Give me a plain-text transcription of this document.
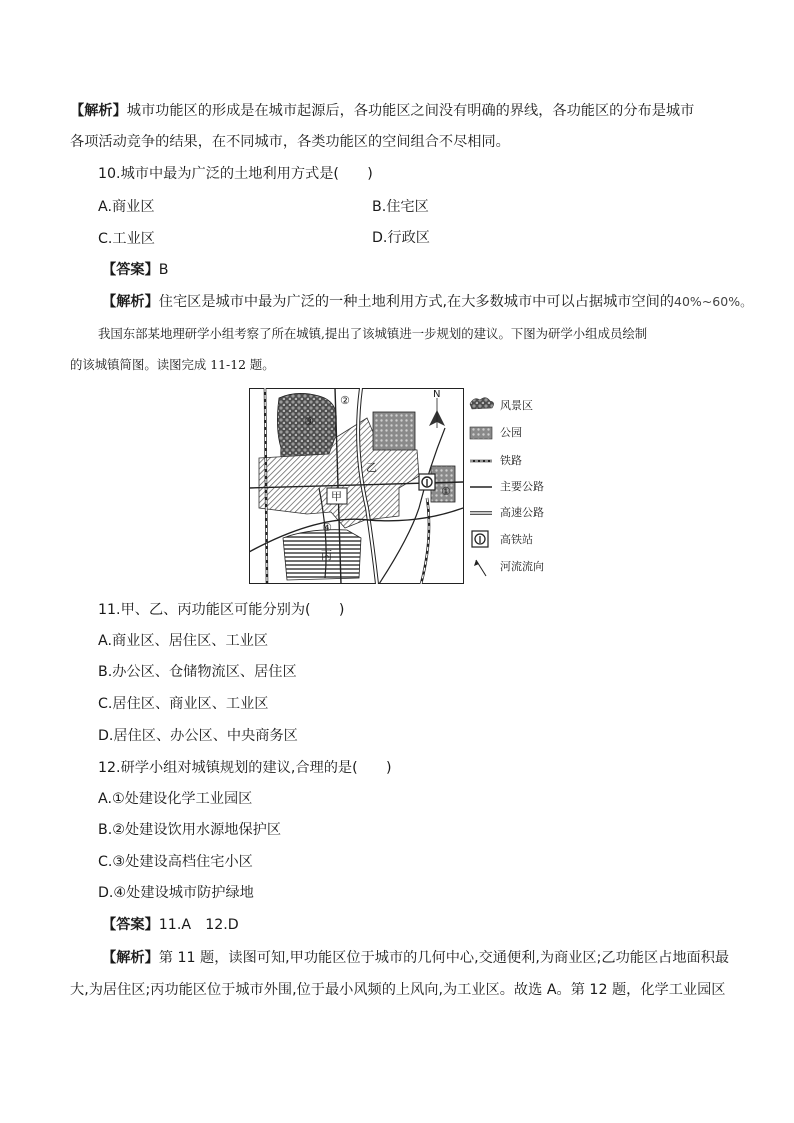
【解析】城市功能区的形成是在城市起源后，各功能区之间没有明确的界线，各功能区的分布是城市
各项活动竞争的结果，在不同城市，各类功能区的空间组合不尽相同。
10.城市中最为广泛的土地利用方式是(　　)
A.商业区	B.住宅区
C.工业区	D.行政区
【答案】B
【解析】住宅区是城市中最为广泛的一种土地利用方式,在大多数城市中可以占据城市空间的40%~60%。
我国东部某地理研学小组考察了所在城镇,提出了该城镇进一步规划的建议。下图为研学小组成员绘制
的该城镇简图。读图完成 11-12 题。
③
②
①
④
甲
乙
丙
N
风景区
公园
铁路
主要公路
高速公路
高铁站
河流流向
11.甲、乙、丙功能区可能分别为(　　)
A.商业区、居住区、工业区
B.办公区、仓储物流区、居住区
C.居住区、商业区、工业区
D.居住区、办公区、中央商务区
12.研学小组对城镇规划的建议,合理的是(　　)
A.①处建设化学工业园区
B.②处建设饮用水源地保护区
C.③处建设高档住宅小区
D.④处建设城市防护绿地
【答案】11.A　12.D
【解析】第 11 题，读图可知,甲功能区位于城市的几何中心,交通便利,为商业区;乙功能区占地面积最
大,为居住区;丙功能区位于城市外围,位于最小风频的上风向,为工业区。故选 A。第 12 题，化学工业园区
